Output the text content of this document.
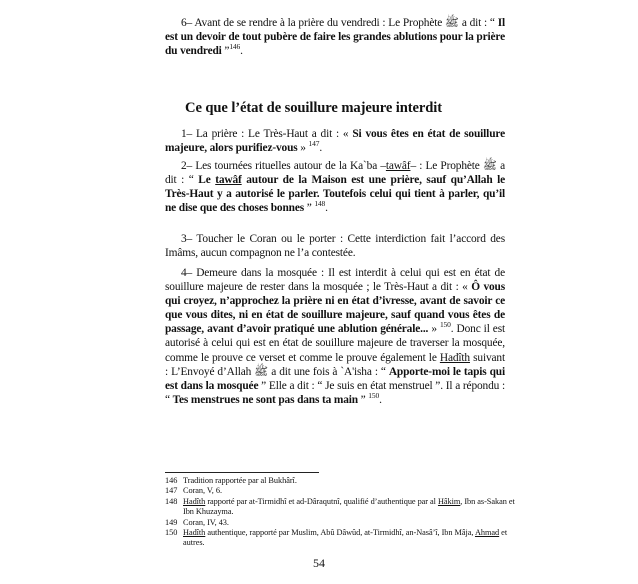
6– Avant de se rendre à la prière du vendredi : Le Prophète ﷺ a dit : “ Il est un devoir de tout pubère de faire les grandes ablutions pour la prière du vendredi ”$^{146}$.
Ce que l’état de souillure majeure interdit
1– La prière : Le Très-Haut a dit : « Si vous êtes en état de souillure majeure, alors purifiez-vous » $^{147}$.
2– Les tournées rituelles autour de la Ka`ba –tawâf– : Le Prophète ﷺ a dit : “ Le tawâf autour de la Maison est une prière, sauf qu’Allah le Très-Haut y a autorisé le parler. Toutefois celui qui tient à parler, qu’il ne dise que des choses bonnes ” $^{148}$.
3– Toucher le Coran ou le porter : Cette interdiction fait l’accord des Imâms, aucun compagnon ne l’a contestée.
4– Demeure dans la mosquée : Il est interdit à celui qui est en état de souillure majeure de rester dans la mosquée ; le Très-Haut a dit : « Ô vous qui croyez, n’approchez la prière ni en état d’ivresse, avant de savoir ce que vous dites, ni en état de souillure majeure, sauf quand vous êtes de passage, avant d’avoir pratiqué une ablution générale... » $^{150}$. Donc il est autorisé à celui qui est en état de souillure majeure de traverser la mosquée, comme le prouve ce verset et comme le prouve également le Hadîth suivant : L’Envoyé d’Allah ﷺ a dit une fois à `A'isha : “ Apporte-moi le tapis qui est dans la mosquée ” Elle a dit : “ Je suis en état menstruel ”. Il a répondu : “ Tes menstrues ne sont pas dans ta main ” $^{150}$.
146 Tradition rapportée par al Bukhârî.
147 Coran, V, 6.
148 Hadîth rapporté par at-Tirmidhî et ad-Dâraqutnî, qualifié d’authentique par al Hâkim, Ibn as-Sakan et Ibn Khuzayma.
149 Coran, IV, 43.
150 Hadîth authentique, rapporté par Muslim, Abû Dâwûd, at-Tirmidhî, an-Nasâ’î, Ibn Mâja, Ahmad et autres.
54
